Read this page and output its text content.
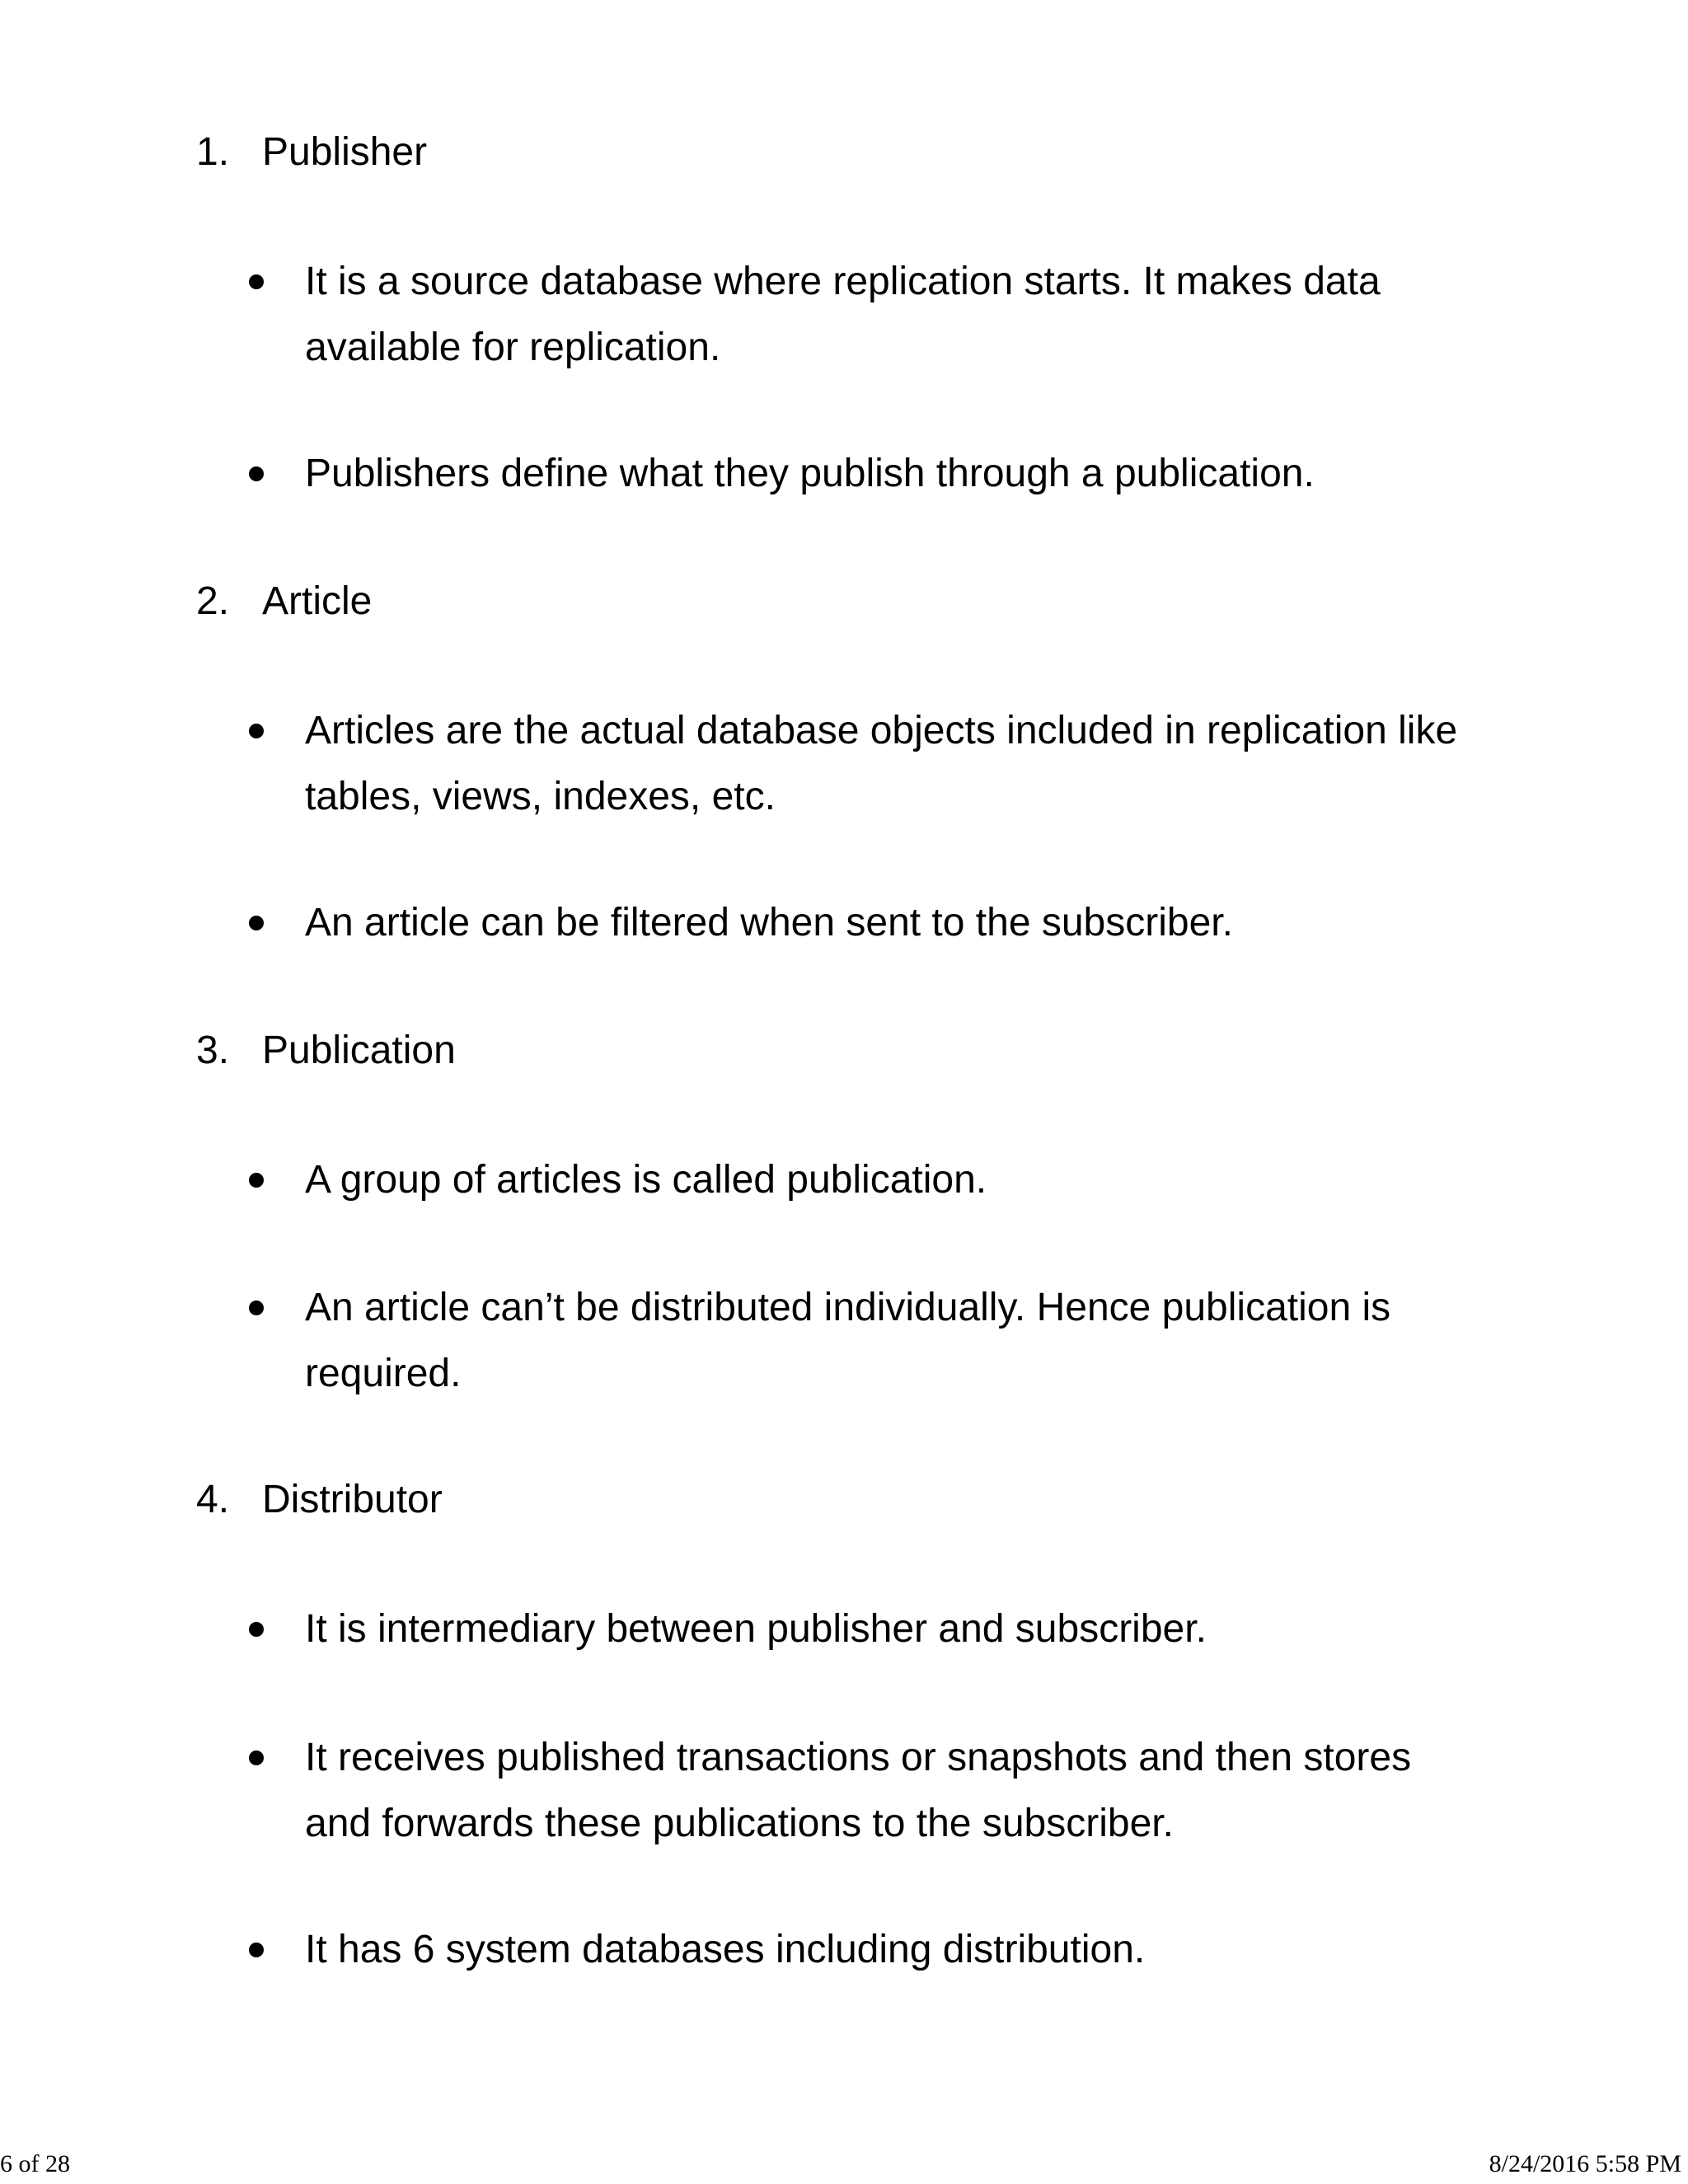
1. Publisher
It is a source database where replication starts. It makes data available for replication.
Publishers define what they publish through a publication.
2. Article
Articles are the actual database objects included in replication like tables, views, indexes, etc.
An article can be filtered when sent to the subscriber.
3. Publication
A group of articles is called publication.
An article can’t be distributed individually. Hence publication is required.
4. Distributor
It is intermediary between publisher and subscriber.
It receives published transactions or snapshots and then stores and forwards these publications to the subscriber.
It has 6 system databases including distribution.
6 of 28	8/24/2016 5:58 PM
